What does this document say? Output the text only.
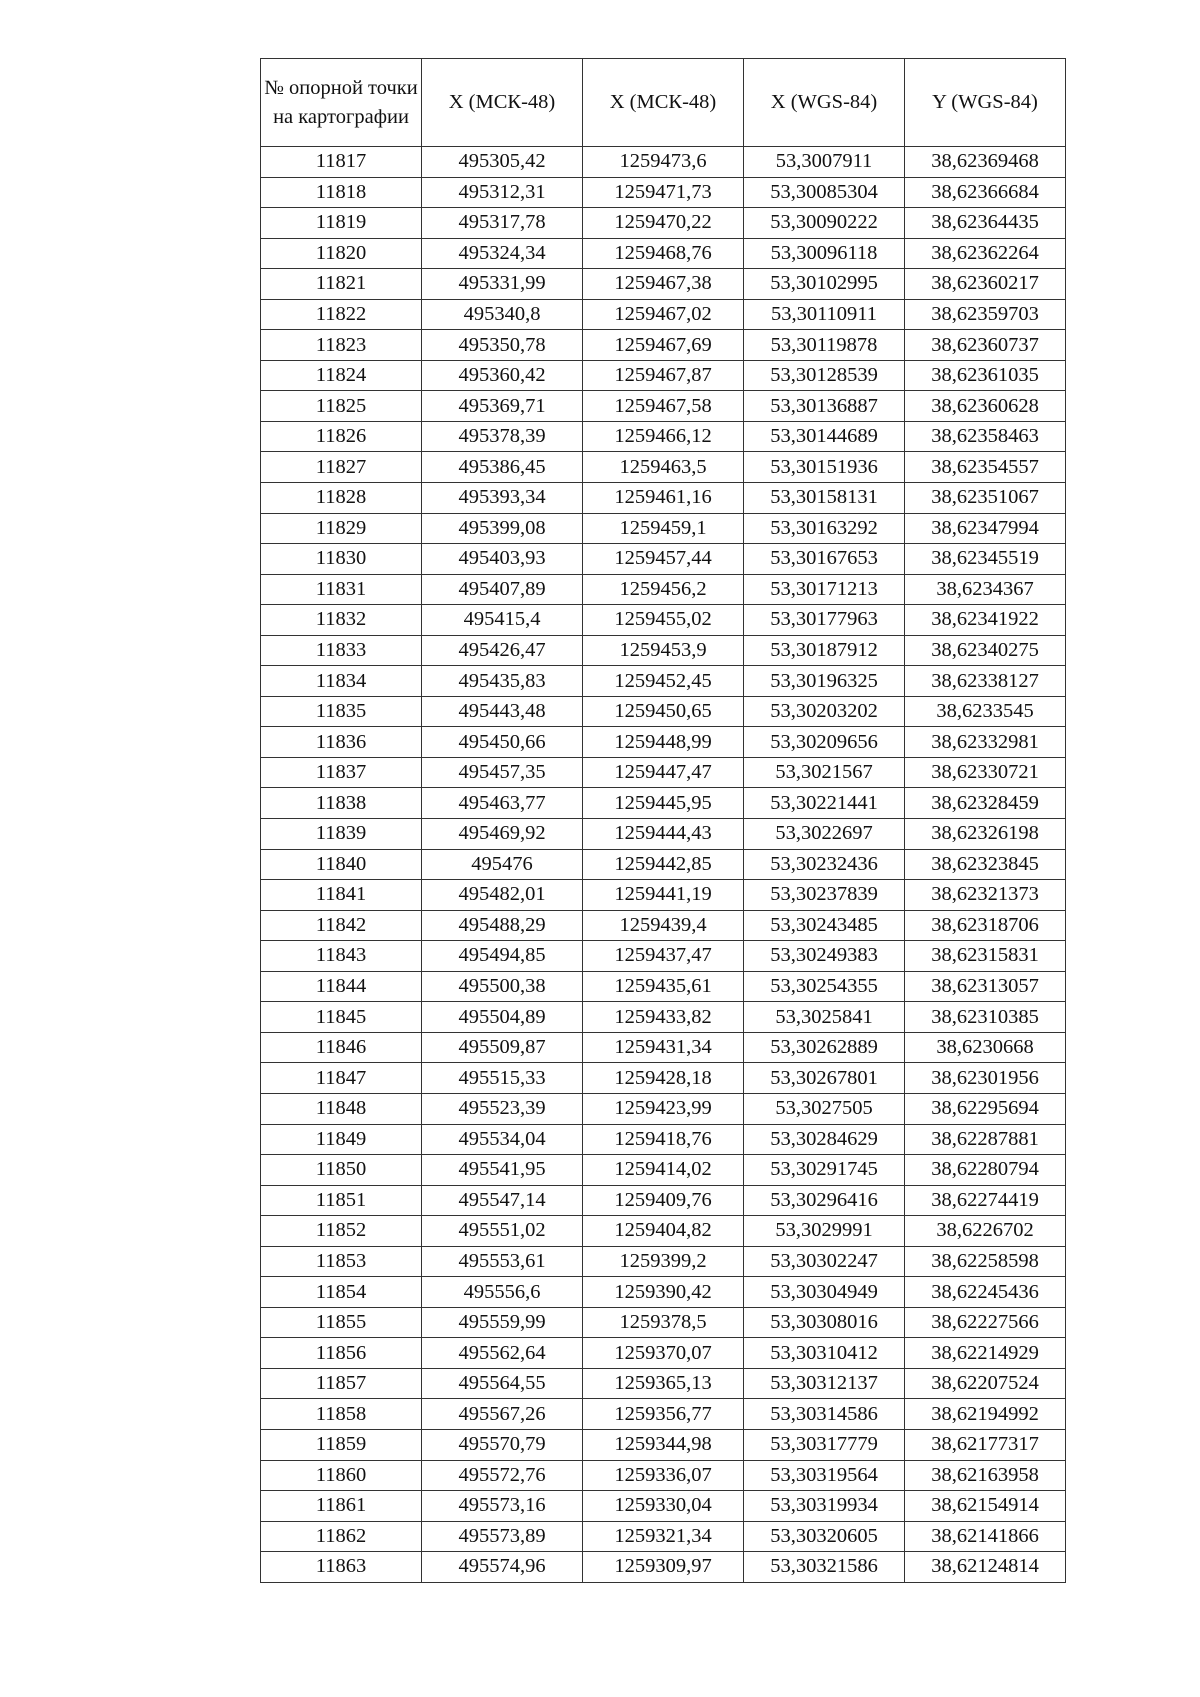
№ опорной точки на картографии	X (МСК-48)	X (МСК-48)	X (WGS-84)	Y (WGS-84)
11817	495305,42	1259473,6	53,3007911	38,62369468
11818	495312,31	1259471,73	53,30085304	38,62366684
11819	495317,78	1259470,22	53,30090222	38,62364435
11820	495324,34	1259468,76	53,30096118	38,62362264
11821	495331,99	1259467,38	53,30102995	38,62360217
11822	495340,8	1259467,02	53,30110911	38,62359703
11823	495350,78	1259467,69	53,30119878	38,62360737
11824	495360,42	1259467,87	53,30128539	38,62361035
11825	495369,71	1259467,58	53,30136887	38,62360628
11826	495378,39	1259466,12	53,30144689	38,62358463
11827	495386,45	1259463,5	53,30151936	38,62354557
11828	495393,34	1259461,16	53,30158131	38,62351067
11829	495399,08	1259459,1	53,30163292	38,62347994
11830	495403,93	1259457,44	53,30167653	38,62345519
11831	495407,89	1259456,2	53,30171213	38,6234367
11832	495415,4	1259455,02	53,30177963	38,62341922
11833	495426,47	1259453,9	53,30187912	38,62340275
11834	495435,83	1259452,45	53,30196325	38,62338127
11835	495443,48	1259450,65	53,30203202	38,6233545
11836	495450,66	1259448,99	53,30209656	38,62332981
11837	495457,35	1259447,47	53,3021567	38,62330721
11838	495463,77	1259445,95	53,30221441	38,62328459
11839	495469,92	1259444,43	53,3022697	38,62326198
11840	495476	1259442,85	53,30232436	38,62323845
11841	495482,01	1259441,19	53,30237839	38,62321373
11842	495488,29	1259439,4	53,30243485	38,62318706
11843	495494,85	1259437,47	53,30249383	38,62315831
11844	495500,38	1259435,61	53,30254355	38,62313057
11845	495504,89	1259433,82	53,3025841	38,62310385
11846	495509,87	1259431,34	53,30262889	38,6230668
11847	495515,33	1259428,18	53,30267801	38,62301956
11848	495523,39	1259423,99	53,3027505	38,62295694
11849	495534,04	1259418,76	53,30284629	38,62287881
11850	495541,95	1259414,02	53,30291745	38,62280794
11851	495547,14	1259409,76	53,30296416	38,62274419
11852	495551,02	1259404,82	53,3029991	38,6226702
11853	495553,61	1259399,2	53,30302247	38,62258598
11854	495556,6	1259390,42	53,30304949	38,62245436
11855	495559,99	1259378,5	53,30308016	38,62227566
11856	495562,64	1259370,07	53,30310412	38,62214929
11857	495564,55	1259365,13	53,30312137	38,62207524
11858	495567,26	1259356,77	53,30314586	38,62194992
11859	495570,79	1259344,98	53,30317779	38,62177317
11860	495572,76	1259336,07	53,30319564	38,62163958
11861	495573,16	1259330,04	53,30319934	38,62154914
11862	495573,89	1259321,34	53,30320605	38,62141866
11863	495574,96	1259309,97	53,30321586	38,62124814
